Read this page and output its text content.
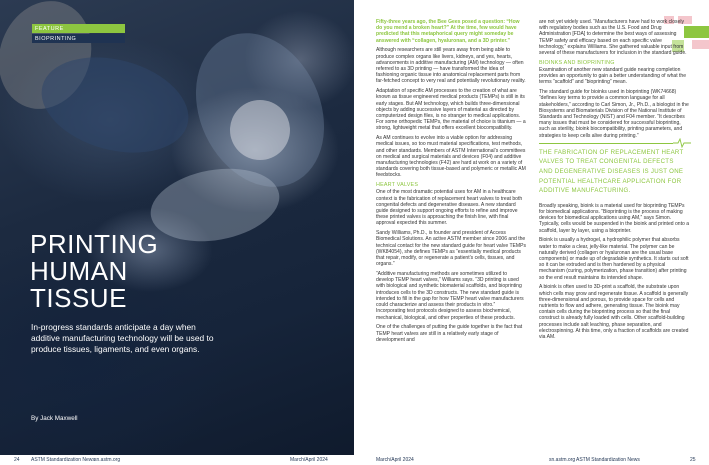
FEATURE
BIOPRINTING
PRINTING
HUMAN
TISSUE
In-progress standards anticipate a day when additive manufacturing technology will be used to produce tissues, ligaments, and even organs.
By Jack Maxwell
24 ASTM Standardization News sn.astm.org	March/April 2024

Fifty-three years ago, the Bee Gees posed a question: “How do you mend a broken heart?” At the time, few would have predicted that this metaphorical query might someday be answered with “collagen, hyaluronan, and a 3D printer.”

Although researchers are still years away from being able to produce complex organs like livers, kidneys, and yes, hearts, advancements in additive manufacturing (AM) technology — often referred to as 3D printing — have transformed the idea of fashioning organic tissue into anatomical replacement parts from far-fetched concept to very real and potentially revolutionary reality.

Adaptation of specific AM processes to the creation of what are known as tissue engineered medical products (TEMPs) is still in its early stages. But AM technology, which builds three-dimensional objects by adding successive layers of material as directed by computerized design files, is no stranger to medical applications. For some orthopedic TEMPs, the material of choice is titanium — a strong, lightweight metal that offers excellent biocompatibility.

As AM continues to evolve into a viable option for addressing medical issues, so too must material specifications, test methods, and other standards. Members of ASTM International’s committees on medical and surgical materials and devices (F04) and additive manufacturing technologies (F42) are hard at work on a variety of standards covering both tissue-based and polymeric or metallic AM feedstocks.

HEART VALVES

One of the most dramatic potential uses for AM in a healthcare context is the fabrication of replacement heart valves to treat both congenital defects and degenerative diseases. A new standard guide designed to support ongoing efforts to refine and improve these printed valves is approaching the finish line, with final approval expected this summer.

Sandy Williams, Ph.D., is founder and president of Access Biomedical Solutions. An active ASTM member since 2006 and the technical contact for the new standard guide for heart valve TEMPs (WK84054), she defines TEMPs as “essentially medical products that repair, modify, or regenerate a patient’s cells, tissues, and organs.”

“Additive manufacturing methods are sometimes utilized to develop TEMP heart valves,” Williams says. “3D printing is used with biological and synthetic biomaterial scaffolds, and bioprinting introduces cells to the 3D constructs. The new standard guide is intended to fill in the gap for how TEMP heart valve manufacturers could characterize and assess their products in vitro.” Incorporating test protocols designed to assess biochemical, mechanical, biological, and other properties of these products.

One of the challenges of putting the guide together is the fact that TEMP heart valves are still in a relatively early stage of development and

are not yet widely used. “Manufacturers have had to work closely with regulatory bodies such as the U.S. Food and Drug Administration [FDA] to determine the best ways of assessing TEMP safety and efficacy based on each specific valve technology,” explains Williams. She gathered valuable input from several of these manufacturers for inclusion in the standard guide.

BIOINKS AND BIOPRINTING

Examination of another new standard guide nearing completion provides an opportunity to gain a better understanding of what the terms “scaffold” and “bioprinting” mean.

The standard guide for bioinks used in bioprinting (WK74668) “defines key terms to provide a common language for all stakeholders,” according to Carl Simon, Jr., Ph.D., a biologist in the Biosystems and Biomaterials Division of the National Institute of Standards and Technology (NIST) and F04 member. “It describes many issues that must be considered for successful bioprinting, such as sterility, bioink biocompatibility, printing parameters, and strategies to keep cells alive during printing.”

THE FABRICATION OF REPLACEMENT HEART VALVES TO TREAT CONGENITAL DEFECTS AND DEGENERATIVE DISEASES IS JUST ONE POTENTIAL HEALTHCARE APPLICATION FOR ADDITIVE MANUFACTURING.

Broadly speaking, bioink is a material used for bioprinting TEMPs for biomedical applications. “Bioprinting is the process of making devices for biomedical applications using AM,” says Simon. Typically, cells would be suspended in the bioink and printed onto a scaffold, layer by layer, using a bioprinter.

Bioink is usually a hydrogel, a hydrophilic polymer that absorbs water to make a clear, jelly-like material. The polymer can be naturally derived (collagen or hyaluronan are the usual base components) or made up of degradable synthetics. It starts out soft so it can be extruded and is then hardened by a physical mechanism (curing, polymerization, phase transition) after printing so the end result maintains its intended shape.

A bioink is often used to 3D-print a scaffold, the substrate upon which cells may grow and regenerate tissue. A scaffold is generally three-dimensional and porous, to provide space for cells and nutrients to flow and adhere, generating tissue. The bioink may contain cells during the bioprinting process so that the final construct is already fully loaded with cells. Other scaffold-building processes include salt leaching, phase separation, and electrospinning. At this time, only a fraction of scaffolds are created via AM.

March/April 2024	sn.astm.org ASTM Standardization News	25
